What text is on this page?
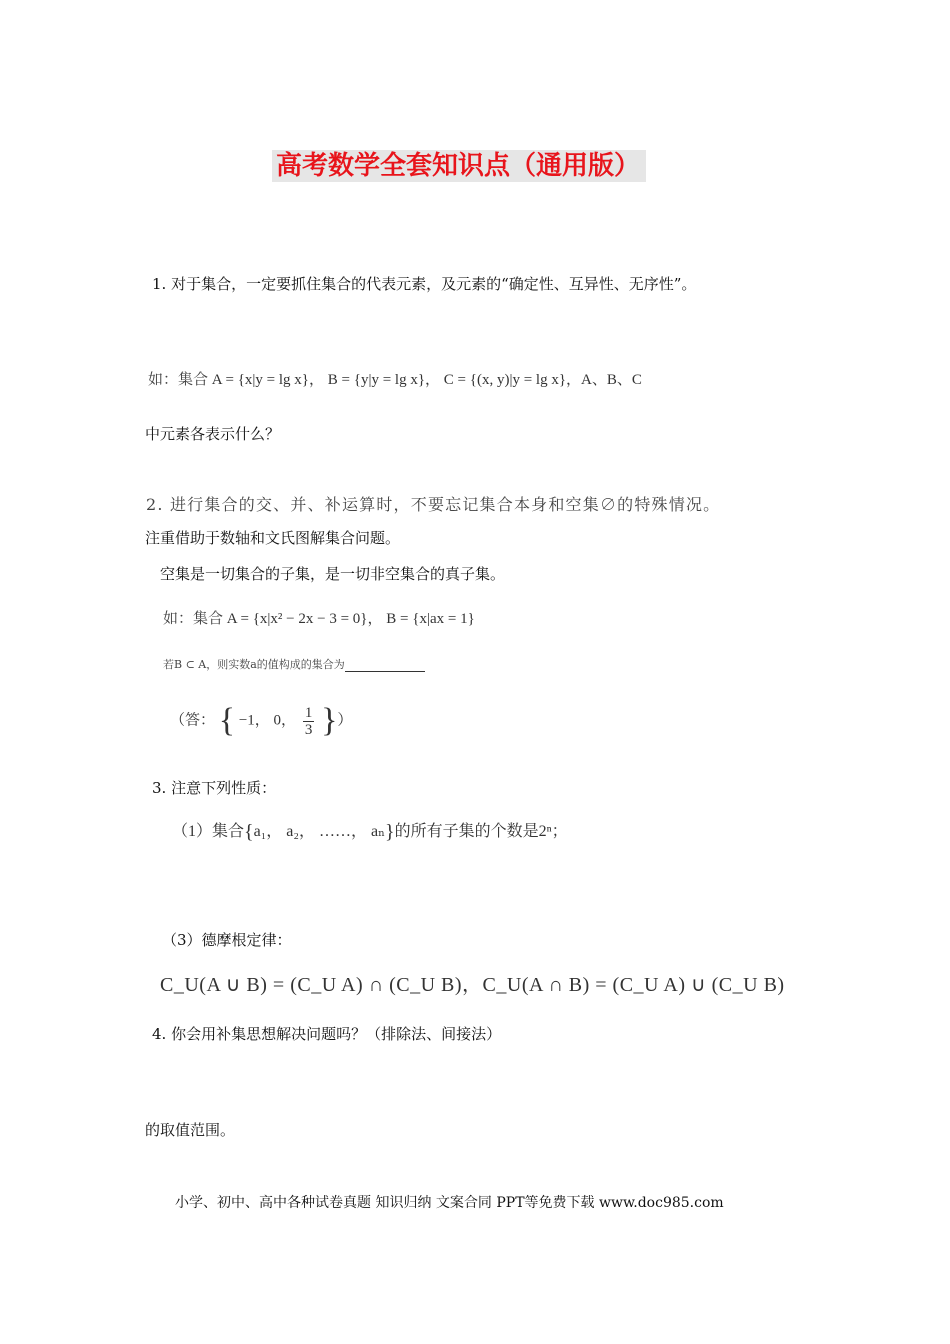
高考数学全套知识点（通用版）
1. 对于集合，一定要抓住集合的代表元素，及元素的“确定性、互异性、无序性”。
如：集合 A = {x|y = lg x}， B = {y|y = lg x}， C = {(x, y)|y = lg x}，A、B、C
中元素各表示什么？
2. 进行集合的交、并、补运算时，不要忘记集合本身和空集∅的特殊情况。
注重借助于数轴和文氏图解集合问题。
空集是一切集合的子集，是一切非空集合的真子集。
如：集合 A = {x|x² − 2x − 3 = 0}， B = {x|ax = 1}
若B ⊂ A，则实数a的值构成的集合为
（答： { −1， 0， $\frac{1}{3}$ }）
3. 注意下列性质：
（1）集合{a₁， a₂， ……， aₙ}的所有子集的个数是2ⁿ；
（3）德摩根定律：
C_U(A ∪ B) = (C_U A) ∩ (C_U B)，C_U(A ∩ B) = (C_U A) ∪ (C_U B)
4. 你会用补集思想解决问题吗？（排除法、间接法）
的取值范围。
小学、初中、高中各种试卷真题 知识归纳 文案合同 PPT等免费下载 www.doc985.com
